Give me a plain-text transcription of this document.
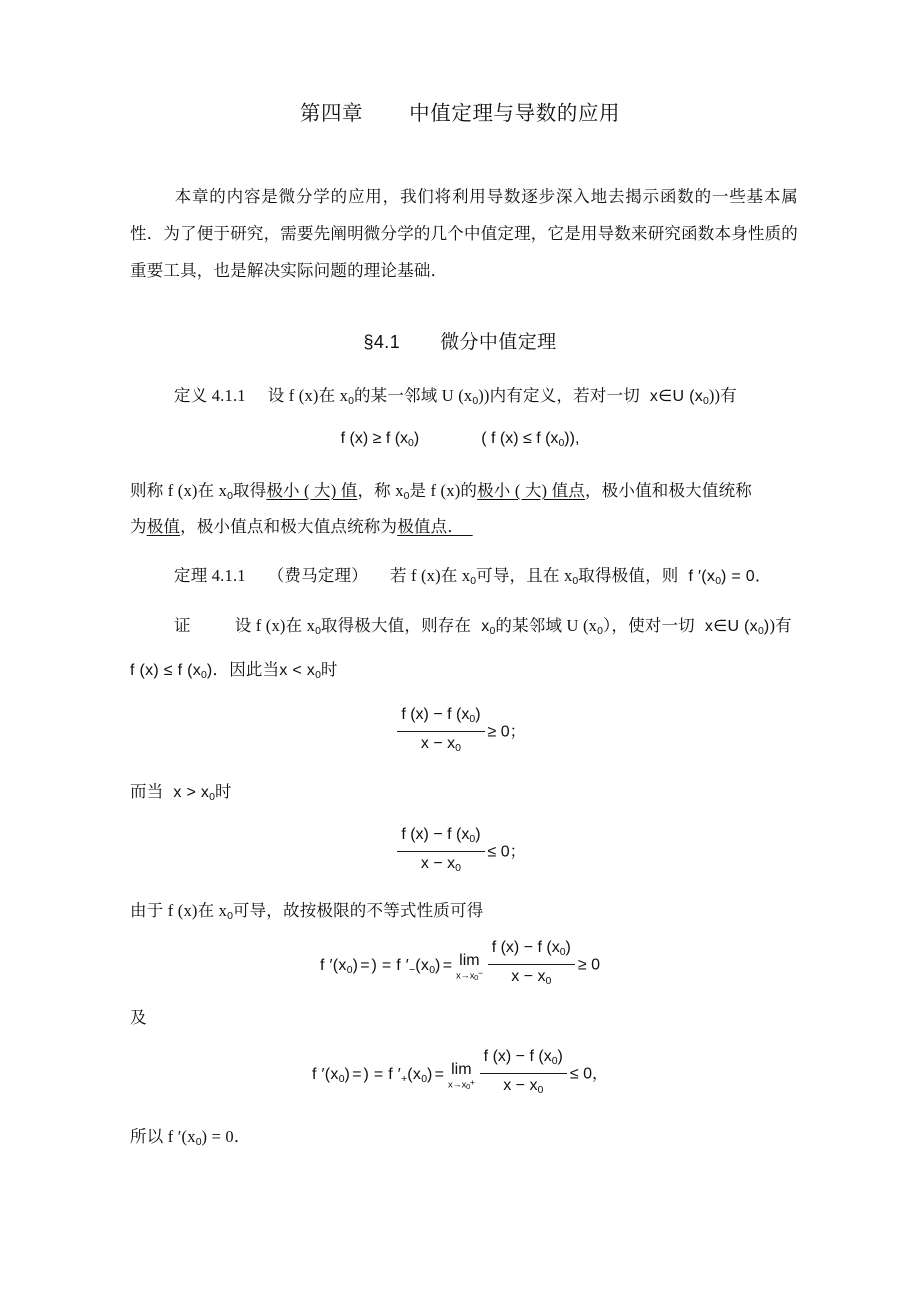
第四章 中值定理与导数的应用
本章的内容是微分学的应用，我们将利用导数逐步深入地去揭示函数的一些基本属性．为了便于研究，需要先阐明微分学的几个中值定理，它是用导数来研究函数本身性质的重要工具，也是解决实际问题的理论基础．
§4.1 微分中值定理
定义 4.1.1 设 f (x)在 $x_0$的某一邻域 U $(x_0)$)内有定义，若对一切 x∈U $(x_0)$)有
f (x) ≥ f $(x_0)$	( f (x) ≤ f $(x_0)$),
则称 f (x)在 $x_0$取得极小 ( 大) 值，称 $x_0$是 f (x)的极小 ( 大) 值点，极小值和极大值统称
为极值，极小值点和极大值点统称为极值点．
定理 4.1.1 （费马定理） 若 f (x)在 $x_0$可导，且在 $x_0$取得极值，则 f $'(x_0) = 0$．
证	设 f (x)在 $x_0$取得极大值，则存在 $x_0$的某邻域 U $(x_0)$，使对一切 x∈U $(x_0)$)有
f (x) ≤ f $(x_0)$．因此当$x < x_0$时
$\frac{f (x) - f (x_0)}{x - x_0} \ge 0$；
而当 $x > x_0$时
$\frac{f (x) - f (x_0)}{x - x_0} \le 0$；
由于 f (x)在 $x_0$可导，故按极限的不等式性质可得
f $'(x_0)$ = ) = f $'_-(x_0) = \lim$
$x\to x_0^- \frac{f (x) - f (x_0)}{x - x_0} \ge 0$
及
f $'(x_0)$ = ) = f $'_+(x_0) = \lim$
$x\to x_0^+ \frac{f (x) - f (x_0)}{x - x_0} \le 0$，
所以 f $'(x_0) = 0$．
